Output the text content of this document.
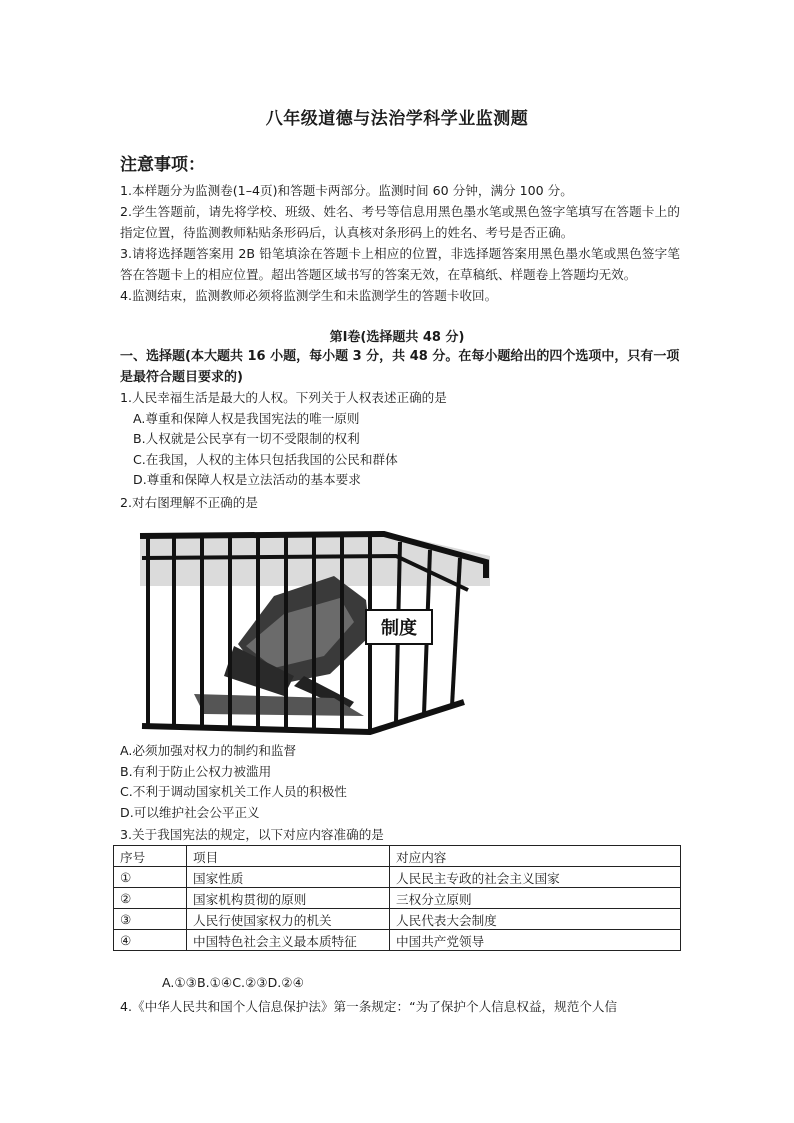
八年级道德与法治学科学业监测题
注意事项：

1.本样题分为监测卷(1–4页)和答题卡两部分。监测时间 60 分钟，满分 100 分。

2.学生答题前，请先将学校、班级、姓名、考号等信息用黑色墨水笔或黑色签字笔填写在答题卡上的指定位置，待监测教师粘贴条形码后，认真核对条形码上的姓名、考号是否正确。

3.请将选择题答案用 2B 铅笔填涂在答题卡上相应的位置，非选择题答案用黑色墨水笔或黑色签字笔答在答题卡上的相应位置。超出答题区域书写的答案无效，在草稿纸、样题卷上答题均无效。

4.监测结束，监测教师必须将监测学生和未监测学生的答题卡收回。

第Ⅰ卷(选择题共 48 分)
一、选择题(本大题共 16 小题，每小题 3 分，共 48 分。在每小题给出的四个选项中，只有一项是最符合题目要求的)

1.人民幸福生活是最大的人权。下列关于人权表述正确的是

A.尊重和保障人权是我国宪法的唯一原则

B.人权就是公民享有一切不受限制的权利

C.在我国，人权的主体只包括我国的公民和群体

D.尊重和保障人权是立法活动的基本要求

2.对右图理解不正确的是
制度

A.必须加强对权力的制约和监督

B.有利于防止公权力被滥用

C.不利于调动国家机关工作人员的积极性

D.可以维护社会公平正义

3.关于我国宪法的规定，以下对应内容准确的是
序号	项目	对应内容
①	国家性质	人民民主专政的社会主义国家
②	国家机构贯彻的原则	三权分立原则
③	人民行使国家权力的机关	人民代表大会制度
④	中国特色社会主义最本质特征	中国共产党领导
A.①③B.①④C.②③D.②④
4.《中华人民共和国个人信息保护法》第一条规定：“为了保护个人信息权益，规范个人信
